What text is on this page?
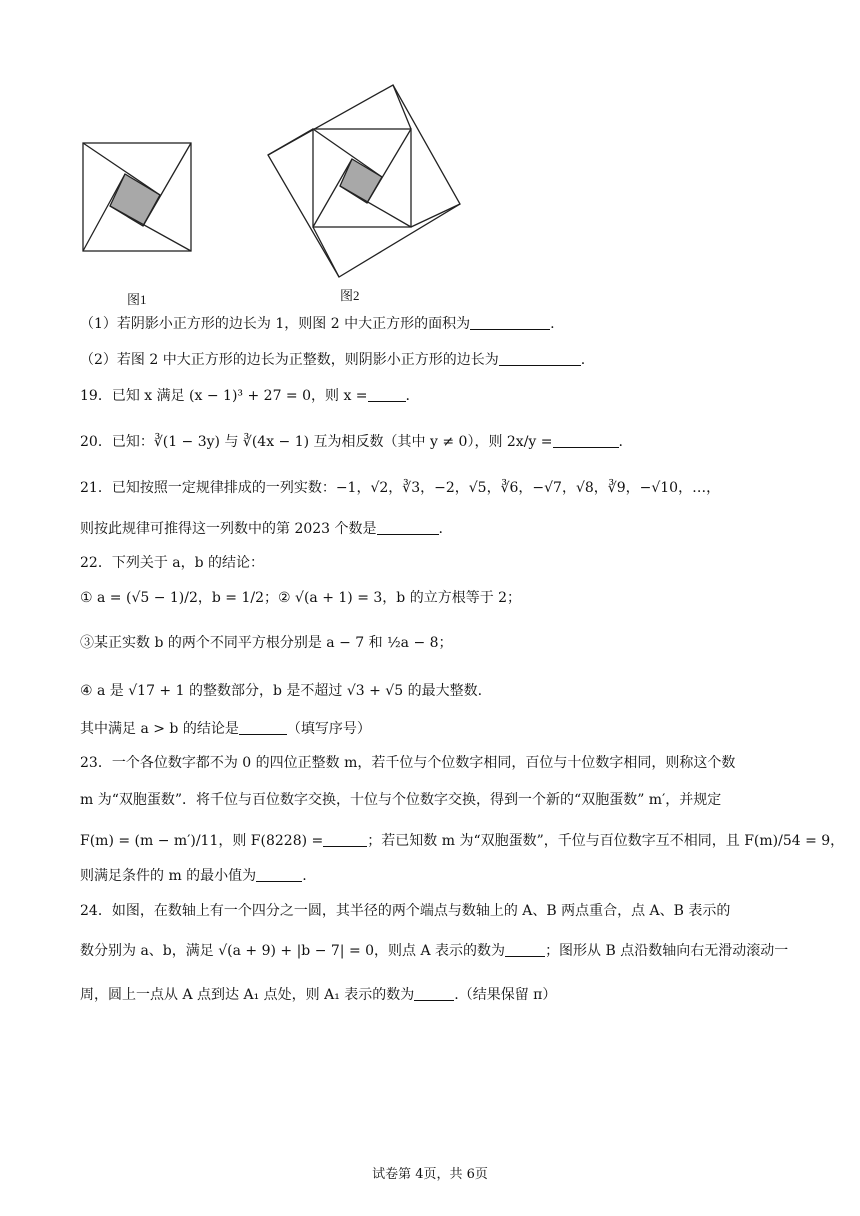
图1	图2
（1）若阴影小正方形的边长为 1，则图 2 中大正方形的面积为	.
（2）若图 2 中大正方形的边长为正整数，则阴影小正方形的边长为	.
19．已知 x 满足 (x − 1)³ + 27 = 0，则 x =	.
20．已知：∛(1 − 3y) 与 ∛(4x − 1) 互为相反数（其中 y ≠ 0），则 2x/y =	.
21．已知按照一定规律排成的一列实数：−1，√2，∛3，−2，√5，∛6，−√7，√8，∛9，−√10，…，
则按此规律可推得这一列数中的第 2023 个数是	.
22．下列关于 a，b 的结论：
① a = (√5 − 1)/2，b = 1/2；② √(a + 1) = 3，b 的立方根等于 2；
③某正实数 b 的两个不同平方根分别是 a − 7 和 ½a − 8；
④ a 是 √17 + 1 的整数部分，b 是不超过 √3 + √5 的最大整数.
其中满足 a > b 的结论是	（填写序号）
23．一个各位数字都不为 0 的四位正整数 m，若千位与个位数字相同，百位与十位数字相同，则称这个数
m 为“双胞蛋数”．将千位与百位数字交换，十位与个位数字交换，得到一个新的“双胞蛋数” m′，并规定
F(m) = (m − m′)/11，则 F(8228) =	；若已知数 m 为“双胞蛋数”，千位与百位数字互不相同，且 F(m)/54 = 9，
则满足条件的 m 的最小值为	.
24．如图，在数轴上有一个四分之一圆，其半径的两个端点与数轴上的 A、B 两点重合，点 A、B 表示的
数分别为 a、b，满足 √(a + 9) + |b − 7| = 0，则点 A 表示的数为	；图形从 B 点沿数轴向右无滑动滚动一
周，圆上一点从 A 点到达 A₁ 点处，则 A₁ 表示的数为	.（结果保留 π）
试卷第 4页，共 6页
